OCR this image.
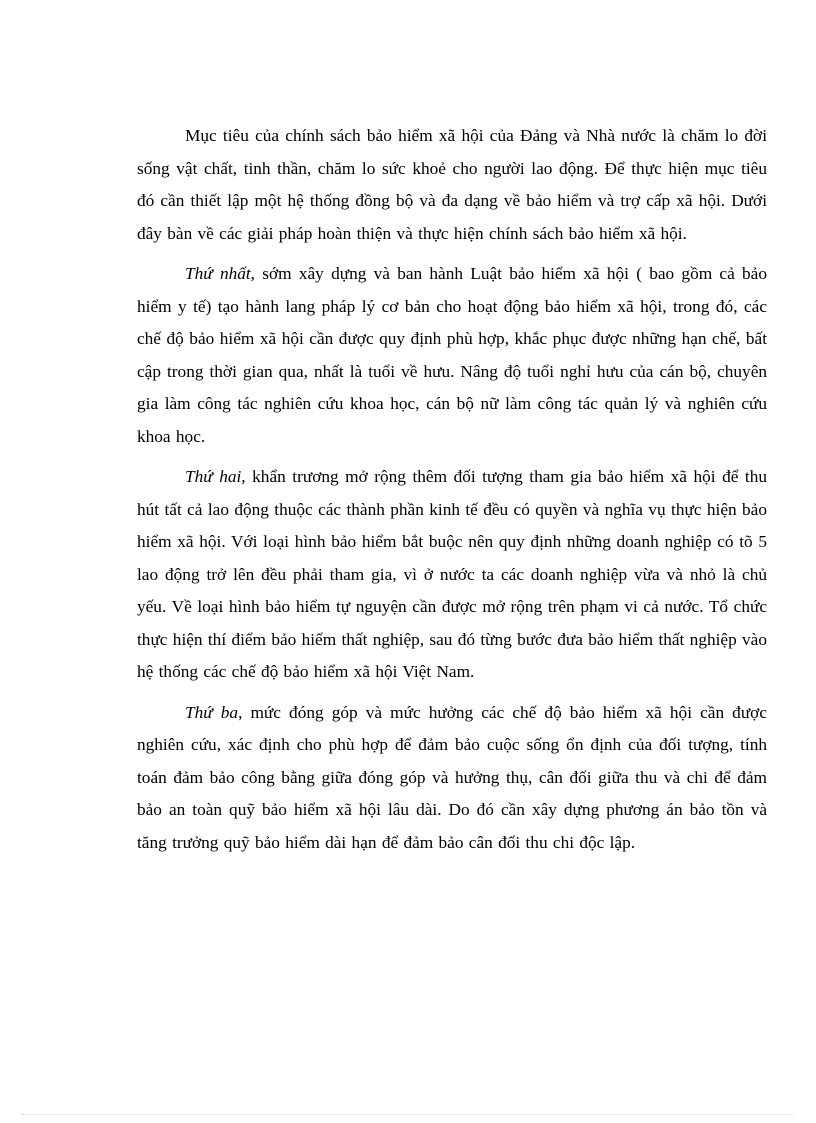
Mục tiêu của chính sách bảo hiểm xã hội của Đảng và Nhà nước là chăm lo đời sống vật chất, tinh thần, chăm lo sức khoẻ cho người lao động. Để thực hiện mục tiêu đó cần thiết lập một hệ thống đồng bộ và đa dạng về bảo hiểm và trợ cấp xã hội. Dưới đây bàn về các giải pháp hoàn thiện và thực hiện chính sách bảo hiểm xã hội.

Thứ nhất, sớm xây dựng và ban hành Luật bảo hiểm xã hội ( bao gồm cả bảo hiểm y tế) tạo hành lang pháp lý cơ bản cho hoạt động bảo hiểm xã hội, trong đó, các chế độ bảo hiểm xã hội cần được quy định phù hợp, khắc phục được những hạn chế, bất cập trong thời gian qua, nhất là tuổi về hưu. Nâng độ tuổi nghỉ hưu của cán bộ, chuyên gia làm công tác nghiên cứu khoa học, cán bộ nữ làm công tác quản lý và nghiên cứu khoa học.

Thứ hai, khẩn trương mở rộng thêm đối tượng tham gia bảo hiểm xã hội để thu hút tất cả lao động thuộc các thành phần kinh tế đều có quyền và nghĩa vụ thực hiện bảo hiểm xã hội. Với loại hình bảo hiểm bắt buộc nên quy định những doanh nghiệp có tõ 5 lao động trở lên đều phải tham gia, vì ở nước ta các doanh nghiệp vừa và nhỏ là chủ yếu. Về loại hình bảo hiểm tự nguyện cần được mở rộng trên phạm vi cả nước. Tổ chức thực hiện thí điểm bảo hiểm thất nghiệp, sau đó từng bước đưa bảo hiểm thất nghiệp vào hệ thống các chế độ bảo hiểm xã hội Việt Nam.

Thứ ba, mức đóng góp và mức hưởng các chế độ bảo hiểm xã hội cần được nghiên cứu, xác định cho phù hợp để đảm bảo cuộc sống ổn định của đối tượng, tính toán đảm bảo công bằng giữa đóng góp và hưởng thụ, cân đối giữa thu và chi để đảm bảo an toàn quỹ bảo hiểm xã hội lâu dài. Do đó cần xây dựng phương án bảo tồn và tăng trưởng quỹ bảo hiểm dài hạn để đảm bảo cân đối thu chi độc lập.
